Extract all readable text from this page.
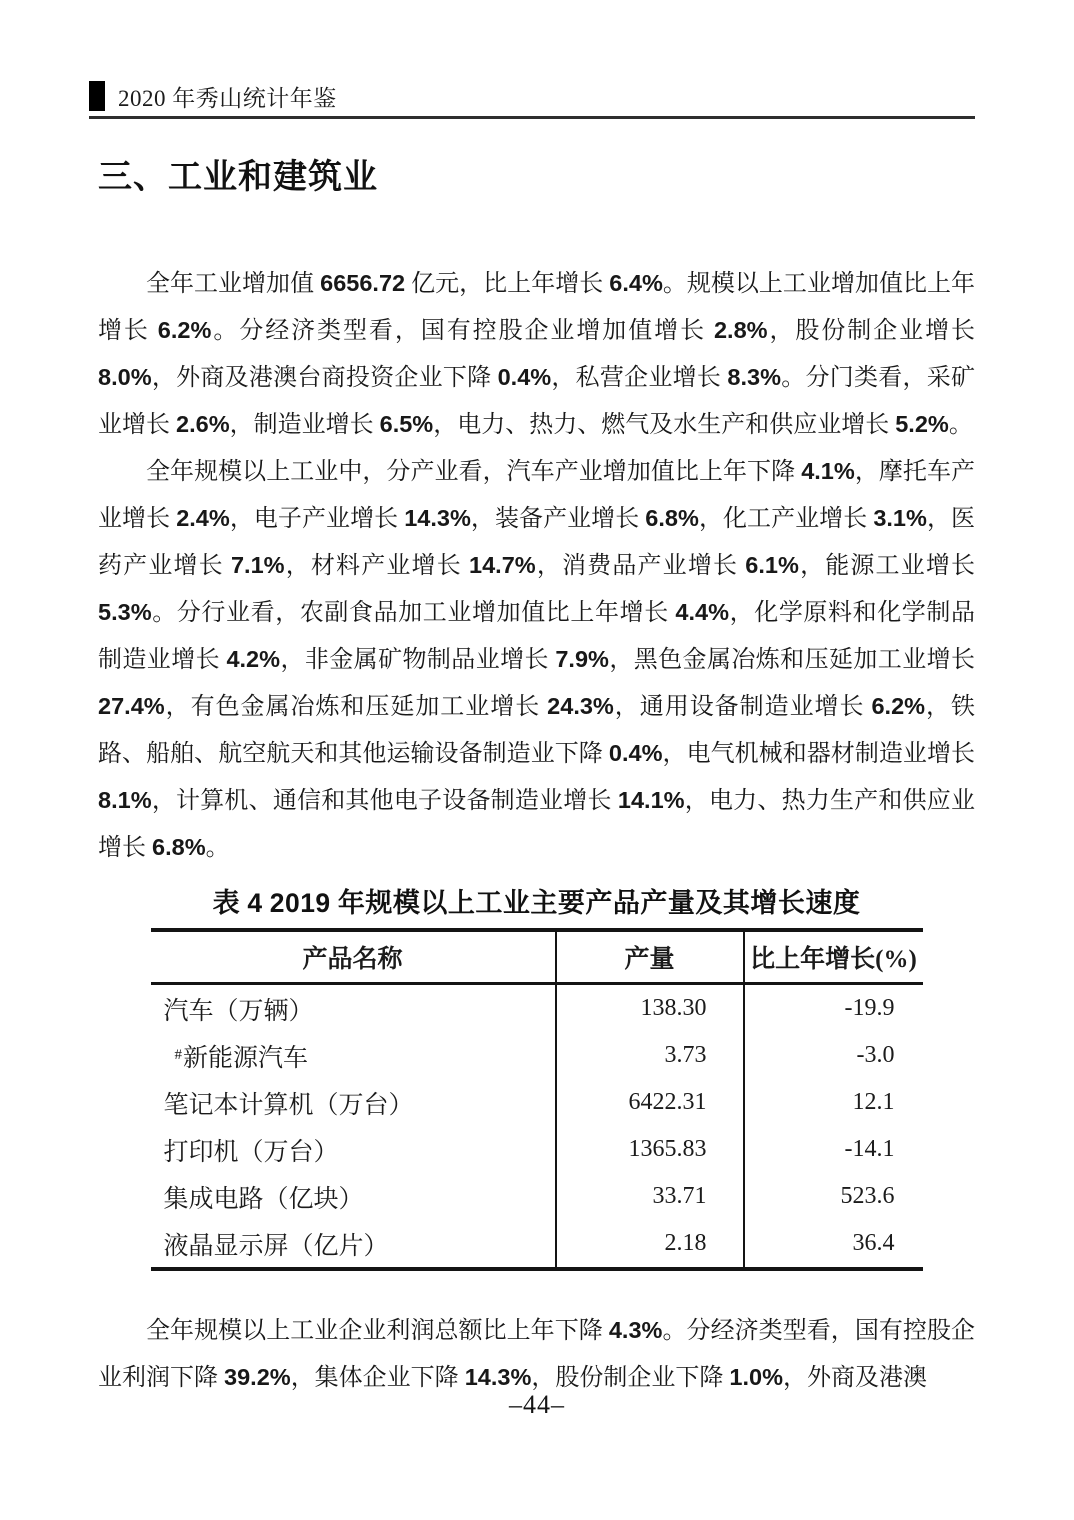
2020 年秀山统计年鉴
三、工业和建筑业

全年工业增加值 6656.72 亿元，比上年增长 6.4%。规模以上工业增加值比上年增长 6.2%。分经济类型看，国有控股企业增加值增长 2.8%，股份制企业增长 8.0%，外商及港澳台商投资企业下降 0.4%，私营企业增长 8.3%。分门类看，采矿业增长 2.6%，制造业增长 6.5%，电力、热力、燃气及水生产和供应业增长 5.2%。

全年规模以上工业中，分产业看，汽车产业增加值比上年下降 4.1%，摩托车产业增长 2.4%，电子产业增长 14.3%，装备产业增长 6.8%，化工产业增长 3.1%，医药产业增长 7.1%，材料产业增长 14.7%，消费品产业增长 6.1%，能源工业增长 5.3%。分行业看，农副食品加工业增加值比上年增长 4.4%，化学原料和化学制品制造业增长 4.2%，非金属矿物制品业增长 7.9%，黑色金属冶炼和压延加工业增长 27.4%，有色金属冶炼和压延加工业增长 24.3%，通用设备制造业增长 6.2%，铁路、船舶、航空航天和其他运输设备制造业下降 0.4%，电气机械和器材制造业增长 8.1%，计算机、通信和其他电子设备制造业增长 14.1%，电力、热力生产和供应业增长 6.8%。

表 4 2019 年规模以上工业主要产品产量及其增长速度
产品名称	产量	比上年增长(%)
汽车（万辆）	138.30	-19.9
#新能源汽车	3.73	-3.0
笔记本计算机（万台）	6422.31	12.1
打印机（万台）	1365.83	-14.1
集成电路（亿块）	33.71	523.6
液晶显示屏（亿片）	2.18	36.4

全年规模以上工业企业利润总额比上年下降 4.3%。分经济类型看，国有控股企业利润下降 39.2%，集体企业下降 14.3%，股份制企业下降 1.0%，外商及港澳

–44–
